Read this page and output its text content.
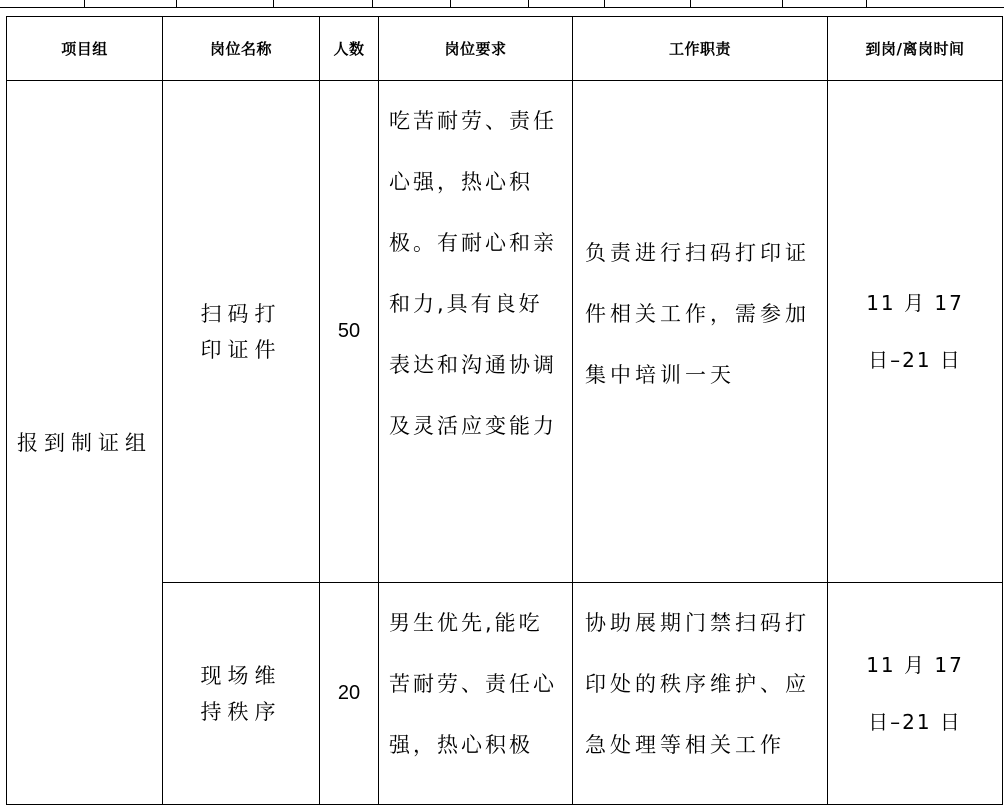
项目组	岗位名称	人数	岗位要求	工作职责	到岗/离岗时间

报到制证组	扫码打印证件	50	吃苦耐劳、责任心强，热心积极。有耐心和亲和力,具有良好表达和沟通协调及灵活应变能力	负责进行扫码打印证件相关工作，需参加集中培训一天	11 月 17 日–21 日

	现场维持秩序	20	男生优先,能吃苦耐劳、责任心强，热心积极	协助展期门禁扫码打印处的秩序维护、应急处理等相关工作	11 月 17 日–21 日
